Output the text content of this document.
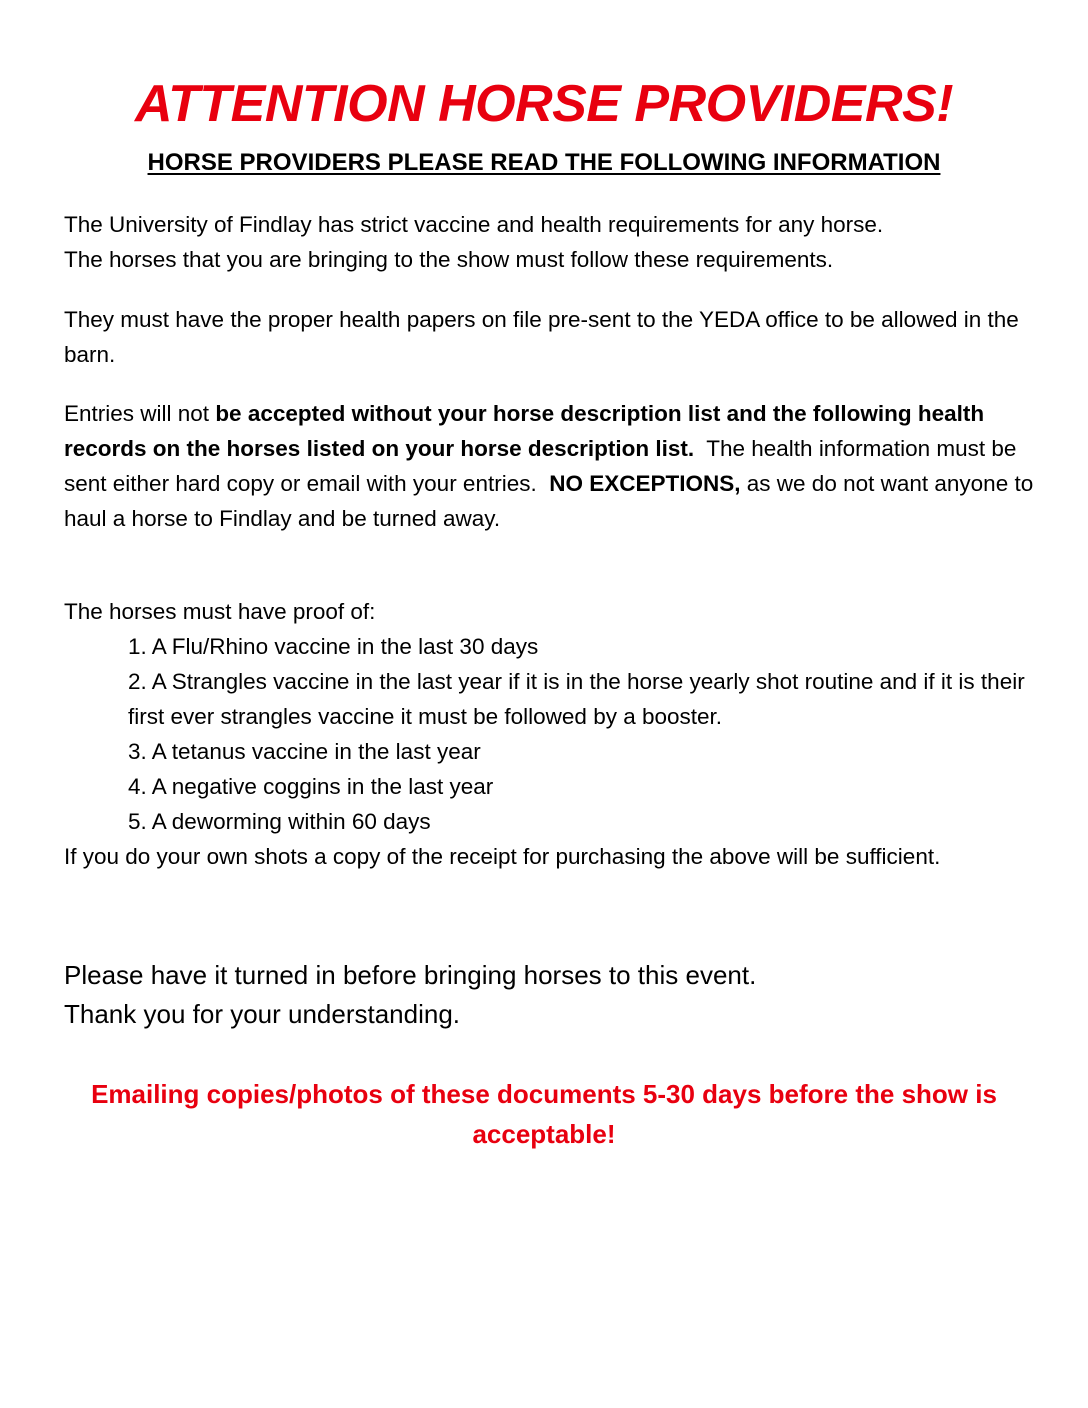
ATTENTION HORSE PROVIDERS!
HORSE PROVIDERS PLEASE READ THE FOLLOWING INFORMATION
The University of Findlay has strict vaccine and health requirements for any horse.
The horses that you are bringing to the show must follow these requirements.
They must have the proper health papers on file pre-sent to the YEDA office to be allowed in the barn.
Entries will not be accepted without your horse description list and the following health records on the horses listed on your horse description list.  The health information must be sent either hard copy or email with your entries.  NO EXCEPTIONS, as we do not want anyone to haul a horse to Findlay and be turned away.
The horses must have proof of:
1. A Flu/Rhino vaccine in the last 30 days
2. A Strangles vaccine in the last year if it is in the horse yearly shot routine and if it is their first ever strangles vaccine it must be followed by a booster.
3. A tetanus vaccine in the last year
4. A negative coggins in the last year
5. A deworming within 60 days
If you do your own shots a copy of the receipt for purchasing the above will be sufficient.
Please have it turned in before bringing horses to this event.
Thank you for your understanding.
Emailing copies/photos of these documents 5-30 days before the show is acceptable!
